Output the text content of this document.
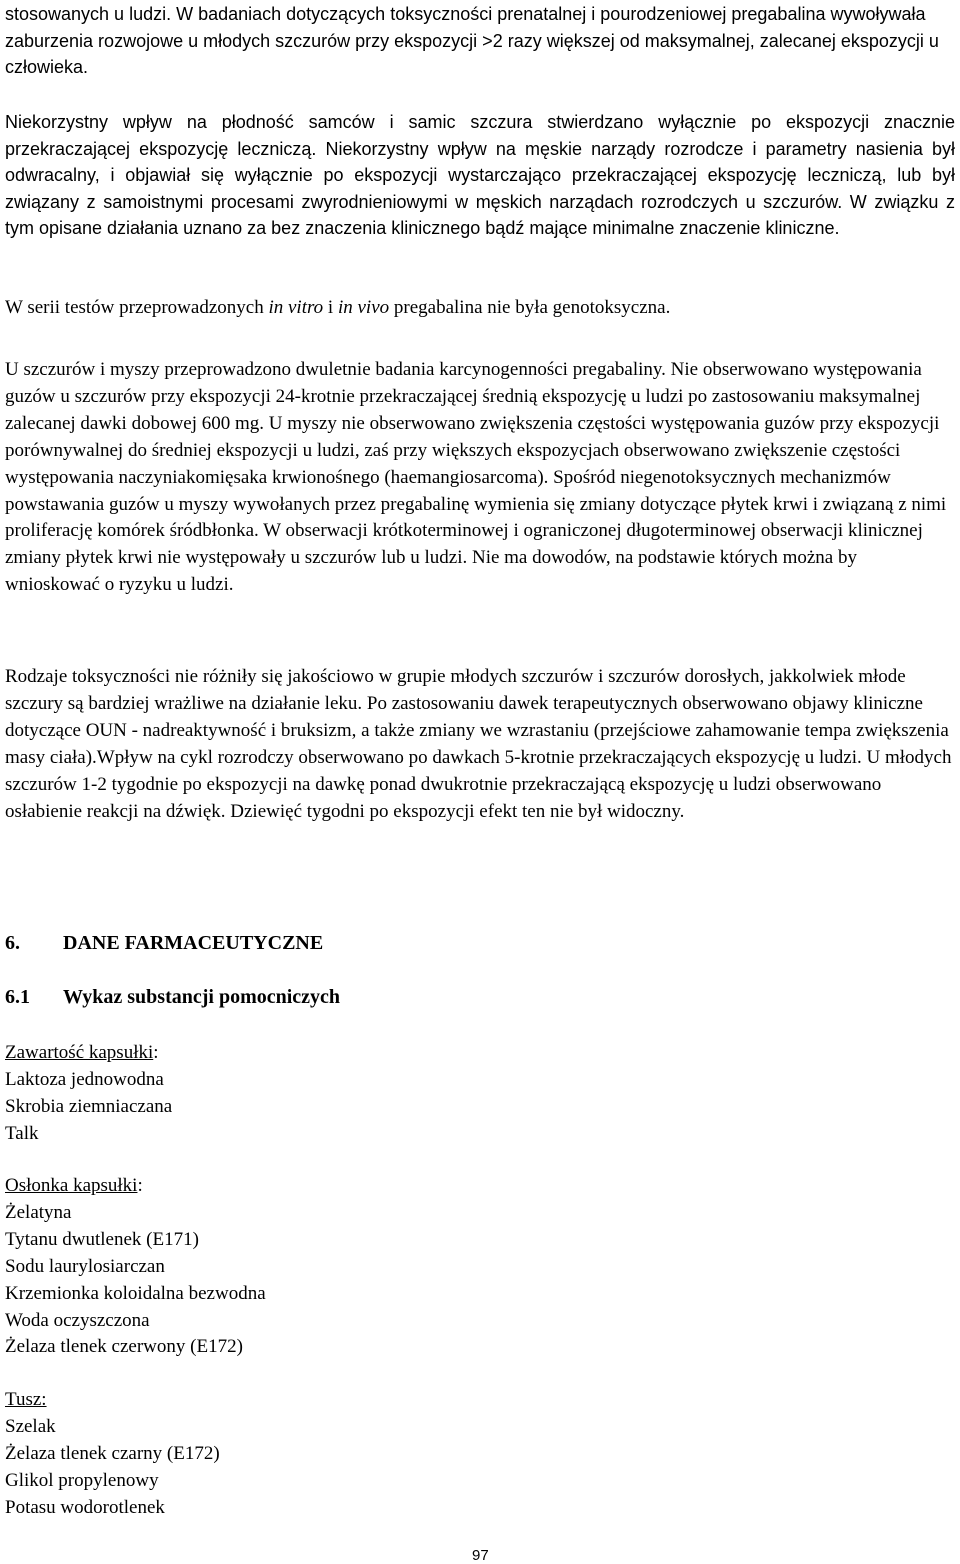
stosowanych u ludzi. W badaniach dotyczących toksyczności prenatalnej i pourodzeniowej pregabalina wywoływała zaburzenia rozwojowe u młodych szczurów przy ekspozycji >2 razy większej od maksymalnej, zalecanej ekspozycji u człowieka.

Niekorzystny wpływ na płodność samców i samic szczura stwierdzano wyłącznie po ekspozycji znacznie przekraczającej ekspozycję leczniczą. Niekorzystny wpływ na męskie narządy rozrodcze i parametry nasienia był odwracalny, i objawiał się wyłącznie po ekspozycji wystarczająco przekraczającej ekspozycję leczniczą, lub był związany z samoistnymi procesami zwyrodnieniowymi w męskich narządach rozrodczych u szczurów. W związku z tym opisane działania uznano za bez znaczenia klinicznego bądź mające minimalne znaczenie kliniczne.

W serii testów przeprowadzonych in vitro i in vivo pregabalina nie była genotoksyczna.

U szczurów i myszy przeprowadzono dwuletnie badania karcynogenności pregabaliny. Nie obserwowano występowania guzów u szczurów przy ekspozycji 24-krotnie przekraczającej średnią ekspozycję u ludzi po zastosowaniu maksymalnej zalecanej dawki dobowej 600 mg. U myszy nie obserwowano zwiększenia częstości występowania guzów przy ekspozycji porównywalnej do średniej ekspozycji u ludzi, zaś przy większych ekspozycjach obserwowano zwiększenie częstości występowania naczyniakomięsaka krwionośnego (haemangiosarcoma). Spośród niegenotoksycznych mechanizmów powstawania guzów u myszy wywołanych przez pregabalinę wymienia się zmiany dotyczące płytek krwi i związaną z nimi proliferację komórek śródbłonka. W obserwacji krótkoterminowej i ograniczonej długoterminowej obserwacji klinicznej zmiany płytek krwi nie występowały u szczurów lub u ludzi. Nie ma dowodów, na podstawie których można by wnioskować o ryzyku u ludzi.

Rodzaje toksyczności nie różniły się jakościowo w grupie młodych szczurów i szczurów dorosłych, jakkolwiek młode szczury są bardziej wrażliwe na działanie leku. Po zastosowaniu dawek terapeutycznych obserwowano objawy kliniczne dotyczące OUN - nadreaktywność i bruksizm, a także zmiany we wzrastaniu (przejściowe zahamowanie tempa zwiększenia masy ciała).Wpływ na cykl rozrodczy obserwowano po dawkach 5-krotnie przekraczających ekspozycję u ludzi. U młodych szczurów 1-2 tygodnie po ekspozycji na dawkę ponad dwukrotnie przekraczającą ekspozycję u ludzi obserwowano osłabienie reakcji na dźwięk. Dziewięć tygodni po ekspozycji efekt ten nie był widoczny.

6. DANE FARMACEUTYCZNE
6.1 Wykaz substancji pomocniczych
Zawartość kapsułki:
Laktoza jednowodna
Skrobia ziemniaczana
Talk
Osłonka kapsułki:
Żelatyna
Tytanu dwutlenek (E171)
Sodu laurylosiarczan
Krzemionka koloidalna bezwodna
Woda oczyszczona
Żelaza tlenek czerwony (E172)
Tusz:
Szelak
Żelaza tlenek czarny (E172)
Glikol propylenowy
Potasu wodorotlenek
97
